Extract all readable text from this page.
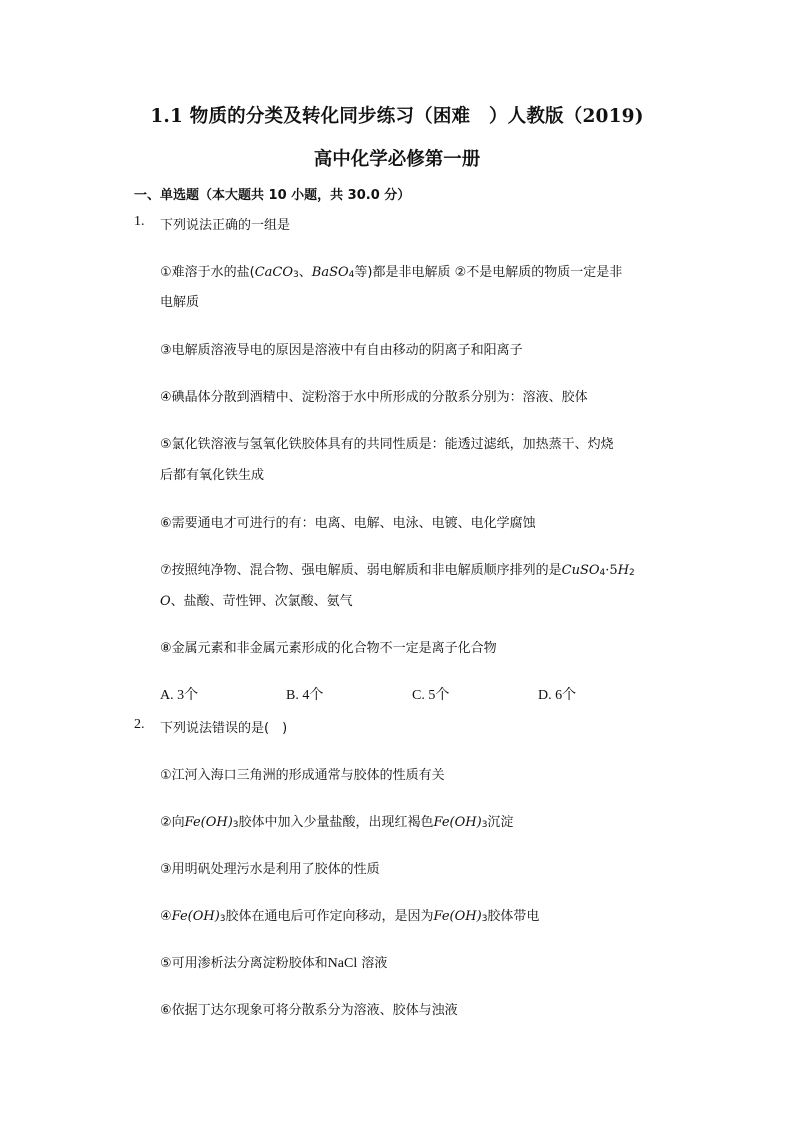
1.1 物质的分类及转化同步练习（困难　）人教版（2019)
高中化学必修第一册
一、单选题（本大题共 10 小题，共 30.0 分）
1. 下列说法正确的一组是
①难溶于水的盐(CaCO3、BaSO4等)都是非电解质 ②不是电解质的物质一定是非
电解质
③电解质溶液导电的原因是溶液中有自由移动的阴离子和阳离子
④碘晶体分散到酒精中、淀粉溶于水中所形成的分散系分别为：溶液、胶体
⑤氯化铁溶液与氢氧化铁胶体具有的共同性质是：能透过滤纸，加热蒸干、灼烧
后都有氧化铁生成
⑥需要通电才可进行的有：电离、电解、电泳、电镀、电化学腐蚀
⑦按照纯净物、混合物、强电解质、弱电解质和非电解质顺序排列的是CuSO4·5H2
O、盐酸、苛性钾、次氯酸、氨气
⑧金属元素和非金属元素形成的化合物不一定是离子化合物
A. 3个	B. 4个	C. 5个	D. 6个
2. 下列说法错误的是(　)
①江河入海口三角洲的形成通常与胶体的性质有关
②向Fe(OH)3胶体中加入少量盐酸，出现红褐色Fe(OH)3沉淀
③用明矾处理污水是利用了胶体的性质
④Fe(OH)3胶体在通电后可作定向移动，是因为Fe(OH)3胶体带电
⑤可用渗析法分离淀粉胶体和NaCl 溶液
⑥依据丁达尔现象可将分散系分为溶液、胶体与浊液
